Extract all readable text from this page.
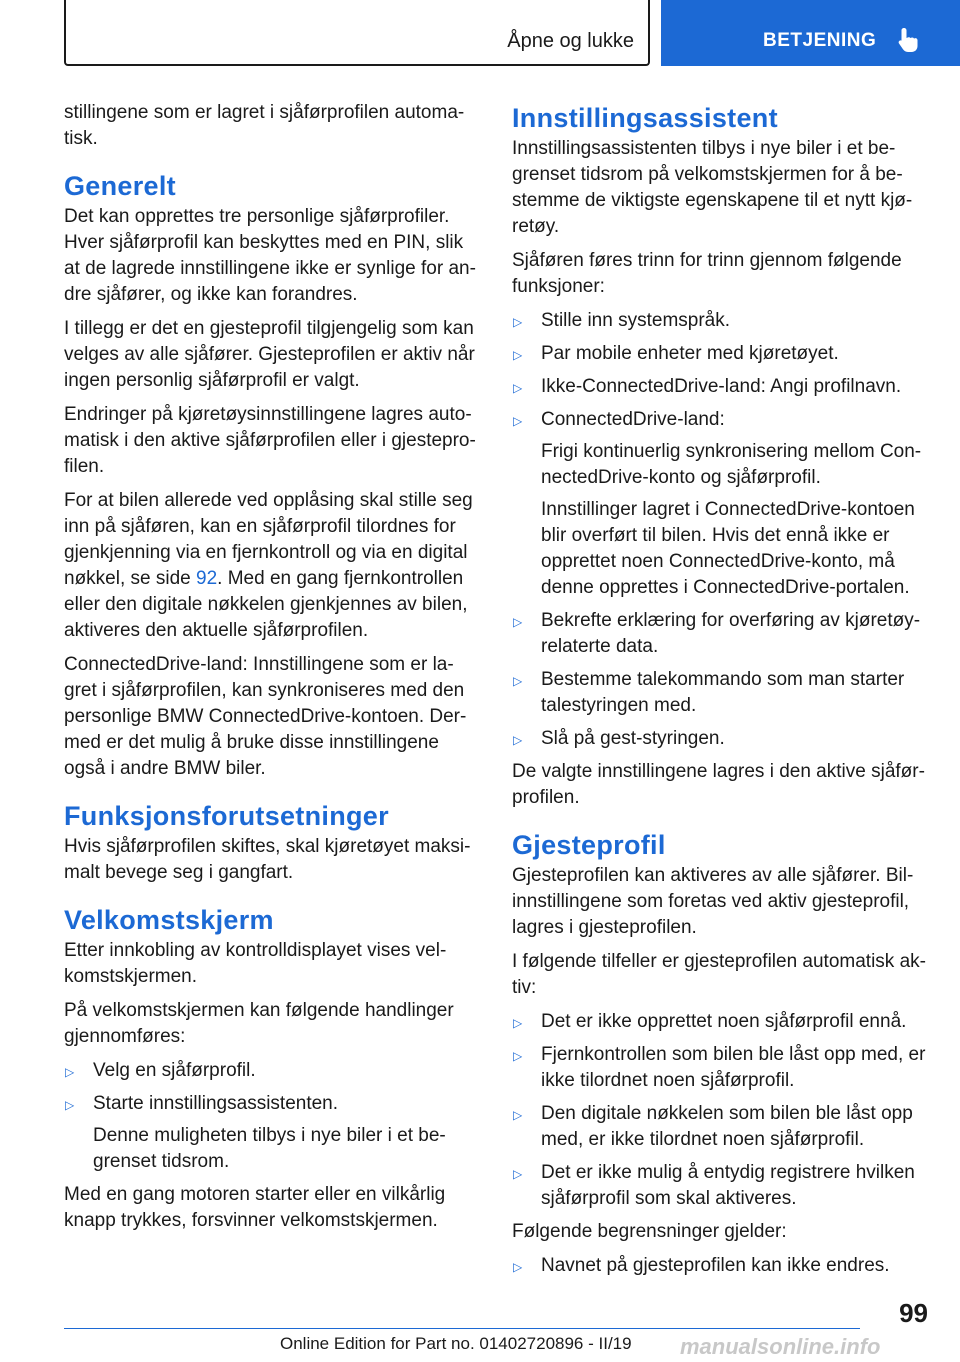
Åpne og lukke	BETJENING

stillingene som er lagret i sjåførprofilen automa-tisk.

Generelt

Det kan opprettes tre personlige sjåførprofiler. Hver sjåførprofil kan beskyttes med en PIN, slik at de lagrede innstillingene ikke er synlige for an-dre sjåfører, og ikke kan forandres.

I tillegg er det en gjesteprofil tilgjengelig som kan velges av alle sjåfører. Gjesteprofilen er aktiv når ingen personlig sjåførprofil er valgt.

Endringer på kjøretøysinnstillingene lagres auto-matisk i den aktive sjåførprofilen eller i gjestepro-filen.

For at bilen allerede ved opplåsing skal stille seg inn på sjåføren, kan en sjåførprofil tilordnes for gjenkjenning via en fjernkontroll og via en digital nøkkel, se side 92. Med en gang fjernkontrollen eller den digitale nøkkelen gjenkjennes av bilen, aktiveres den aktuelle sjåførprofilen.

ConnectedDrive-land: Innstillingene som er la-gret i sjåførprofilen, kan synkroniseres med den personlige BMW ConnectedDrive-kontoen. Der-med er det mulig å bruke disse innstillingene også i andre BMW biler.

Funksjonsforutsetninger

Hvis sjåførprofilen skiftes, skal kjøretøyet maksi-malt bevege seg i gangfart.

Velkomstskjerm

Etter innkobling av kontrolldisplayet vises vel-komstskjermen.

På velkomstskjermen kan følgende handlinger gjennomføres:

▷ Velg en sjåførprofil.
▷ Starte innstillingsassistenten.
Denne muligheten tilbys i nye biler i et be-grenset tidsrom.

Med en gang motoren starter eller en vilkårlig knapp trykkes, forsvinner velkomstskjermen.

Innstillingsassistent

Innstillingsassistenten tilbys i nye biler i et be-grenset tidsrom på velkomstskjermen for å be-stemme de viktigste egenskapene til et nytt kjø-retøy.

Sjåføren føres trinn for trinn gjennom følgende funksjoner:

▷ Stille inn systemspråk.
▷ Par mobile enheter med kjøretøyet.
▷ Ikke-ConnectedDrive-land: Angi profilnavn.
▷ ConnectedDrive-land:
Frigi kontinuerlig synkronisering mellom Con-nectedDrive-konto og sjåførprofil.
Innstillinger lagret i ConnectedDrive-kontoen blir overført til bilen. Hvis det ennå ikke er opprettet noen ConnectedDrive-konto, må denne opprettes i ConnectedDrive-portalen.
▷ Bekrefte erklæring for overføring av kjøretøy-relaterte data.
▷ Bestemme talekommando som man starter talestyringen med.
▷ Slå på gest-styringen.

De valgte innstillingene lagres i den aktive sjåfør-profilen.

Gjesteprofil

Gjesteprofilen kan aktiveres av alle sjåfører. Bil-innstillingene som foretas ved aktiv gjesteprofil, lagres i gjesteprofilen.

I følgende tilfeller er gjesteprofilen automatisk ak-tiv:

▷ Det er ikke opprettet noen sjåførprofil ennå.
▷ Fjernkontrollen som bilen ble låst opp med, er ikke tilordnet noen sjåførprofil.
▷ Den digitale nøkkelen som bilen ble låst opp med, er ikke tilordnet noen sjåførprofil.
▷ Det er ikke mulig å entydig registrere hvilken sjåførprofil som skal aktiveres.

Følgende begrensninger gjelder:

▷ Navnet på gjesteprofilen kan ikke endres.
99
Online Edition for Part no. 01402720896 - II/19 manualsonline.info
